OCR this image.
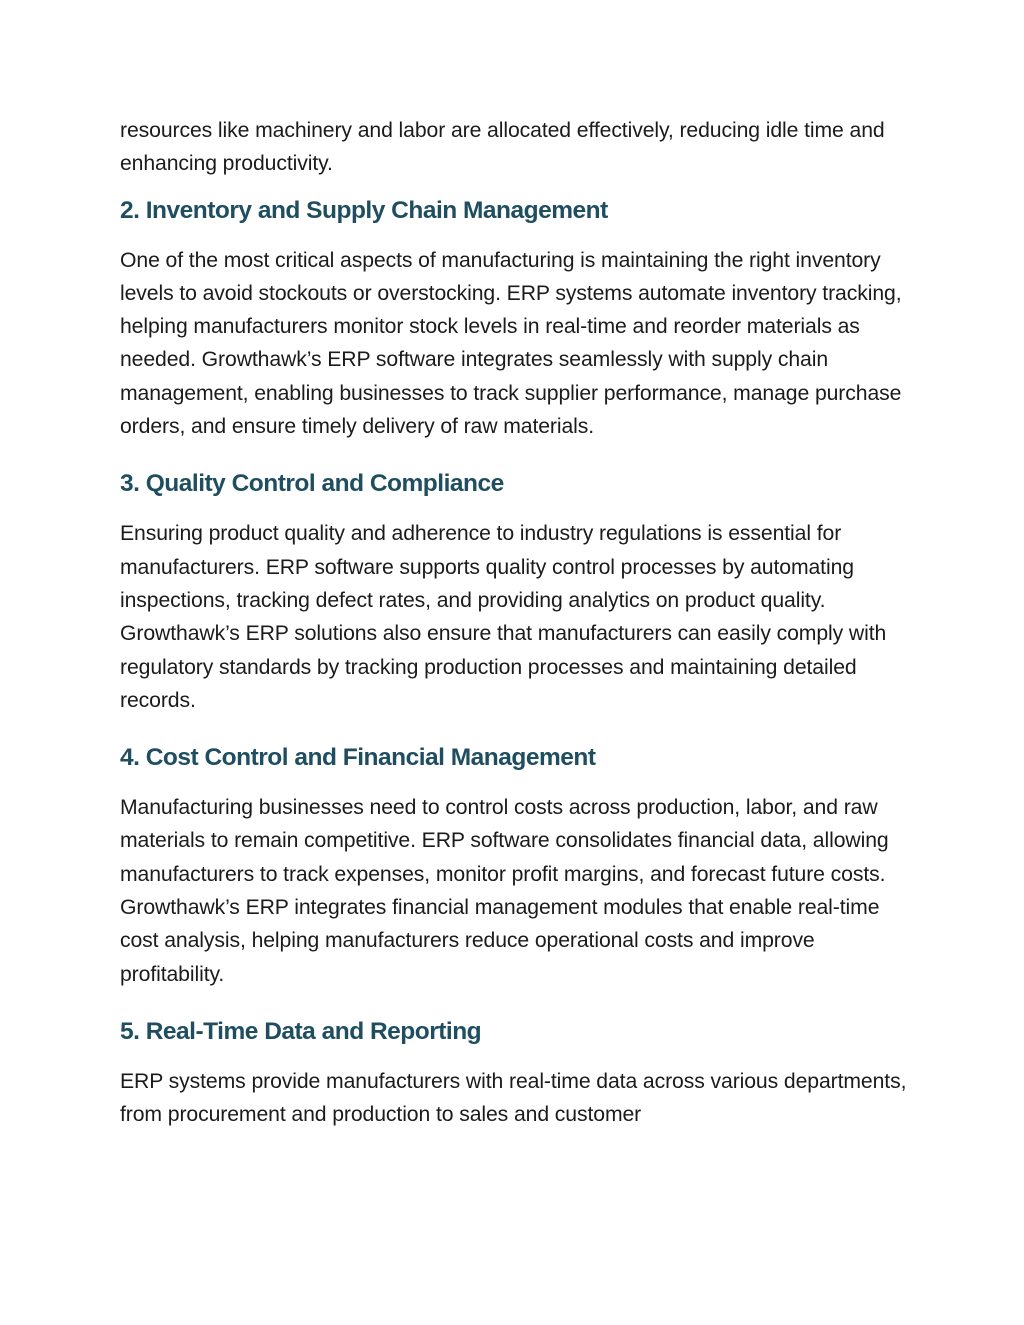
resources like machinery and labor are allocated effectively, reducing idle time and enhancing productivity.

2. Inventory and Supply Chain Management

One of the most critical aspects of manufacturing is maintaining the right inventory levels to avoid stockouts or overstocking. ERP systems automate inventory tracking, helping manufacturers monitor stock levels in real-time and reorder materials as needed. Growthawk’s ERP software integrates seamlessly with supply chain management, enabling businesses to track supplier performance, manage purchase orders, and ensure timely delivery of raw materials.

3. Quality Control and Compliance

Ensuring product quality and adherence to industry regulations is essential for manufacturers. ERP software supports quality control processes by automating inspections, tracking defect rates, and providing analytics on product quality. Growthawk’s ERP solutions also ensure that manufacturers can easily comply with regulatory standards by tracking production processes and maintaining detailed records.

4. Cost Control and Financial Management

Manufacturing businesses need to control costs across production, labor, and raw materials to remain competitive. ERP software consolidates financial data, allowing manufacturers to track expenses, monitor profit margins, and forecast future costs. Growthawk’s ERP integrates financial management modules that enable real-time cost analysis, helping manufacturers reduce operational costs and improve profitability.

5. Real-Time Data and Reporting

ERP systems provide manufacturers with real-time data across various departments, from procurement and production to sales and customer
